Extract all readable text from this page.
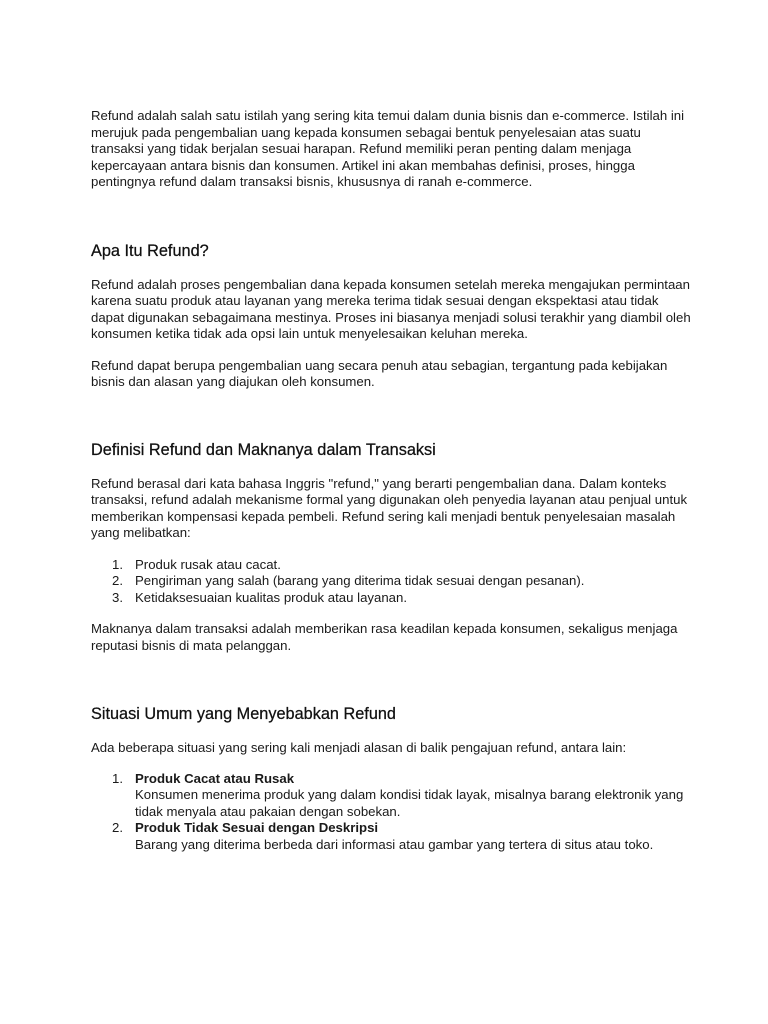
Refund adalah salah satu istilah yang sering kita temui dalam dunia bisnis dan e-commerce. Istilah ini merujuk pada pengembalian uang kepada konsumen sebagai bentuk penyelesaian atas suatu transaksi yang tidak berjalan sesuai harapan. Refund memiliki peran penting dalam menjaga kepercayaan antara bisnis dan konsumen. Artikel ini akan membahas definisi, proses, hingga pentingnya refund dalam transaksi bisnis, khususnya di ranah e-commerce.

Apa Itu Refund?

Refund adalah proses pengembalian dana kepada konsumen setelah mereka mengajukan permintaan karena suatu produk atau layanan yang mereka terima tidak sesuai dengan ekspektasi atau tidak dapat digunakan sebagaimana mestinya. Proses ini biasanya menjadi solusi terakhir yang diambil oleh konsumen ketika tidak ada opsi lain untuk menyelesaikan keluhan mereka.

Refund dapat berupa pengembalian uang secara penuh atau sebagian, tergantung pada kebijakan bisnis dan alasan yang diajukan oleh konsumen.

Definisi Refund dan Maknanya dalam Transaksi

Refund berasal dari kata bahasa Inggris "refund," yang berarti pengembalian dana. Dalam konteks transaksi, refund adalah mekanisme formal yang digunakan oleh penyedia layanan atau penjual untuk memberikan kompensasi kepada pembeli. Refund sering kali menjadi bentuk penyelesaian masalah yang melibatkan:

1. Produk rusak atau cacat.
2. Pengiriman yang salah (barang yang diterima tidak sesuai dengan pesanan).
3. Ketidaksesuaian kualitas produk atau layanan.

Maknanya dalam transaksi adalah memberikan rasa keadilan kepada konsumen, sekaligus menjaga reputasi bisnis di mata pelanggan.

Situasi Umum yang Menyebabkan Refund

Ada beberapa situasi yang sering kali menjadi alasan di balik pengajuan refund, antara lain:

1. Produk Cacat atau Rusak
Konsumen menerima produk yang dalam kondisi tidak layak, misalnya barang elektronik yang tidak menyala atau pakaian dengan sobekan.
2. Produk Tidak Sesuai dengan Deskripsi
Barang yang diterima berbeda dari informasi atau gambar yang tertera di situs atau toko.
